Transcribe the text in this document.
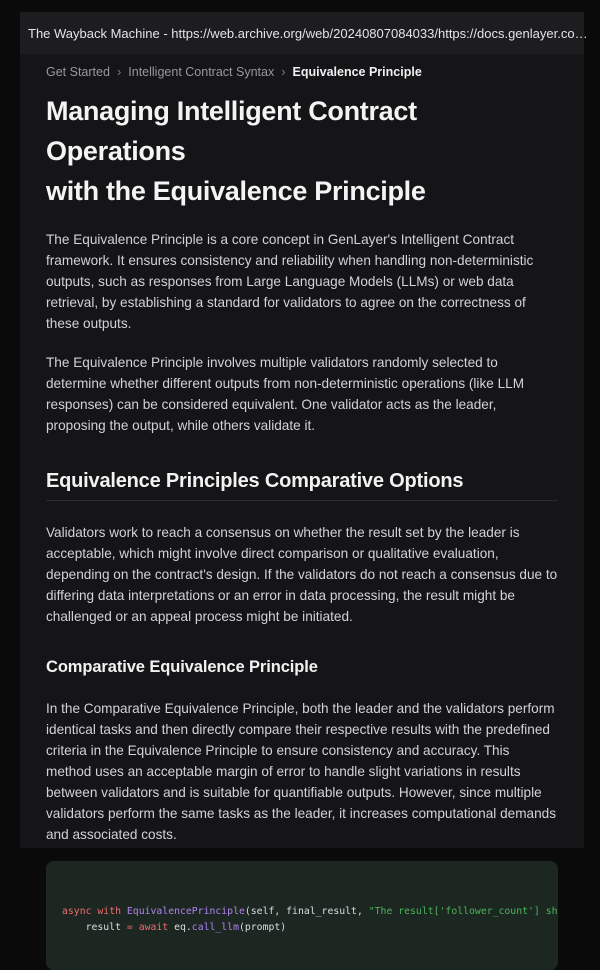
The Wayback Machine - https://web.archive.org/web/20240807084033/https://docs.genlayer.co…
Get Started › Intelligent Contract Syntax › Equivalence Principle
Managing Intelligent Contract Operations
with the Equivalence Principle

The Equivalence Principle is a core concept in GenLayer's Intelligent Contract framework. It ensures consistency and reliability when handling non-deterministic outputs, such as responses from Large Language Models (LLMs) or web data retrieval, by establishing a standard for validators to agree on the correctness of these outputs.

The Equivalence Principle involves multiple validators randomly selected to determine whether different outputs from non-deterministic operations (like LLM responses) can be considered equivalent. One validator acts as the leader, proposing the output, while others validate it.

Equivalence Principles Comparative Options

Validators work to reach a consensus on whether the result set by the leader is acceptable, which might involve direct comparison or qualitative evaluation, depending on the contract's design. If the validators do not reach a consensus due to differing data interpretations or an error in data processing, the result might be challenged or an appeal process might be initiated.

Comparative Equivalence Principle

In the Comparative Equivalence Principle, both the leader and the validators perform identical tasks and then directly compare their respective results with the predefined criteria in the Equivalence Principle to ensure consistency and accuracy. This method uses an acceptable margin of error to handle slight variations in results between validators and is suitable for quantifiable outputs. However, since multiple validators perform the same tasks as the leader, it increases computational demands and associated costs.

async with EquivalencePrinciple(self, final_result, "The result['follower_count'] sh
result = await eq.call_llm(prompt)
